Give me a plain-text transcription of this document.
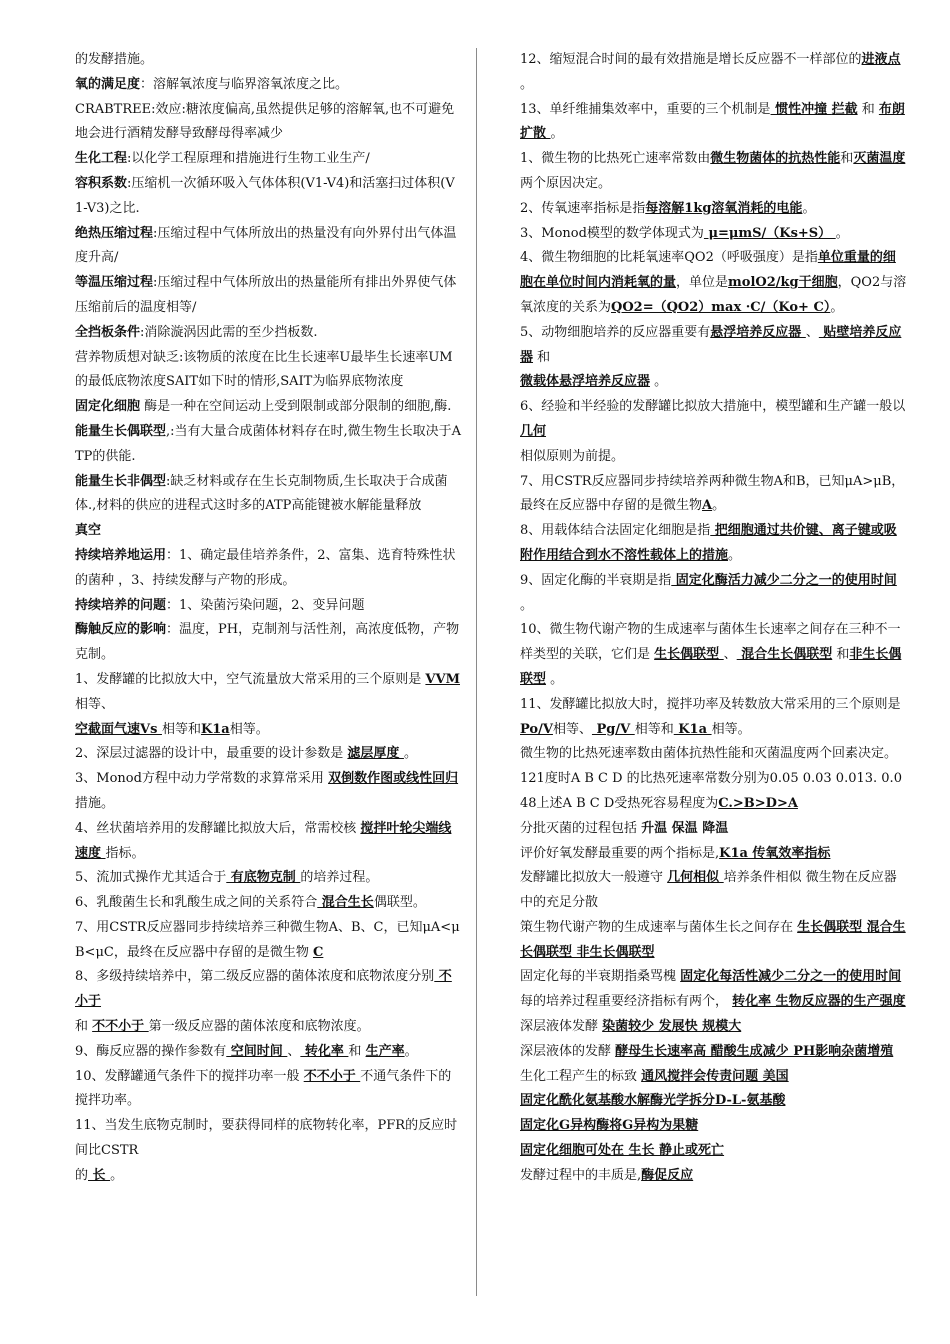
的发酵措施。

氧的满足度：溶解氧浓度与临界溶氧浓度之比。

CRABTREE:效应:糖浓度偏高,虽然提供足够的溶解氧,也不可避免地会进行酒精发酵导致酵母得率减少

生化工程:以化学工程原理和措施进行生物工业生产/

容积系数:压缩机一次循环吸入气体体积(V1-V4)和活塞扫过体积(V1-V3)之比.

绝热压缩过程:压缩过程中气体所放出的热量没有向外界付出气体温度升高/

等温压缩过程:压缩过程中气体所放出的热量能所有排出外界使气体压缩前后的温度相等/

全挡板条件:消除漩涡因此需的至少挡板数.

营养物质想对缺乏:该物质的浓度在比生长速率U最毕生长速率UM的最低底物浓度SAIT如下时的情形,SAIT为临界底物浓度

固定化细胞 酶是一种在空间运动上受到限制或部分限制的细胞,酶.

能量生长偶联型,:当有大量合成菌体材料存在时,微生物生长取决于ATP的供能.

能量生长非偶型:缺乏材料或存在生长克制物质,生长取决于合成菌体.,材料的供应的进程式这时多的ATP高能键被水解能量释放

真空

持续培养地运用：1、确定最佳培养条件，2、富集、选育特殊性状的菌种 ，3、持续发酵与产物的形成。

持续培养的问题：1、染菌污染问题，2、变异问题

酶触反应的影响：温度，PH，克制剂与活性剂，高浓度低物，产物克制。

1、发酵罐的比拟放大中，空气流量放大常采用的三个原则是 VVM 相等、

空截面气速Vs 相等和K1a相等。

2、深层过滤器的设计中，最重要的设计参数是 滤层厚度 。

3、Monod方程中动力学常数的求算常采用 双倒数作图或线性回归措施。

4、丝状菌培养用的发酵罐比拟放大后，常需校核 搅拌叶轮尖端线速度 指标。

5、流加式操作尤其适合于 有底物克制 的培养过程。

6、乳酸菌生长和乳酸生成之间的关系符合 混合生长偶联型。

7、用CSTR反应器同步持续培养三种微生物A、B、C，已知μA<μB<μC，最终在反应器中存留的是微生物 C

8、多级持续培养中，第二级反应器的菌体浓度和底物浓度分别 不小于

和 不不小于 第一级反应器的菌体浓度和底物浓度。

9、酶反应器的操作参数有 空间时间 、 转化率 和 生产率。

10、发酵罐通气条件下的搅拌功率一般 不不小于 不通气条件下的搅拌功率。

11、当发生底物克制时，要获得同样的底物转化率，PFR的反应时间比CSTR

的 长 。

12、缩短混合时间的最有效措施是增长反应器不一样部位的进液点 。

13、单纤维捕集效率中，重要的三个机制是 惯性冲撞 拦截 和 布朗扩散 。

1、微生物的比热死亡速率常数由微生物菌体的抗热性能和灭菌温度 两个原因决定。

2、传氧速率指标是指每溶解1kg溶氧消耗的电能。

3、Monod模型的数学体现式为 μ=μmS/（Ks+S） 。

4、微生物细胞的比耗氧速率QO2（呼吸强度）是指单位重量的细胞在单位时间内消耗氧的量，单位是molO2/kg干细胞，QO2与溶氧浓度的关系为QO2=（QO2）max ·C/（Ko+ C）。

5、动物细胞培养的反应器重要有悬浮培养反应器 、 贴壁培养反应器 和

微载体悬浮培养反应器 。

6、经验和半经验的发酵罐比拟放大措施中，模型罐和生产罐一般以几何

相似原则为前提。

7、用CSTR反应器同步持续培养两种微生物A和B，已知μA>μB，最终在反应器中存留的是微生物A。

8、用载体结合法固定化细胞是指 把细胞通过共价键、离子键或吸附作用结合到水不溶性载体上的措施。

9、固定化酶的半衰期是指 固定化酶活力减少二分之一的使用时间 。

10、微生物代谢产物的生成速率与菌体生长速率之间存在三种不一样类型的关联，它们是 生长偶联型 、 混合生长偶联型 和非生长偶联型 。

11、发酵罐比拟放大时，搅拌功率及转数放大常采用的三个原则是 Po/V相等、 Pg/V 相等和 K1a 相等。

微生物的比热死速率数由菌体抗热性能和灭菌温度两个回素决定。

121度时A B C D 的比热死速率常数分别为0.05 0.03 0.013. 0.048上述A B C D受热死容易程度为C.>B>D>A

分批灭菌的过程包括 升温 保温 降温

评价好氧发酵最重要的两个指标是,K1a 传氧效率指标

发酵罐比拟放大一般遵守 几何相似 培养条件相似 微生物在反应器中的充足分散

策生物代谢产物的生成速率与菌体生长之间存在 生长偶联型 混合生长偶联型 非生长偶联型

固定化每的半衰期指桑骂槐 固定化每活性减少二分之一的使用时间

每的培养过程重要经济指标有两个， 转化率 生物反应器的生产强度

深层液体发酵 染菌较少 发展快 规模大

深层液体的发酵 酵母生长速率高 醋酸生成减少 PH影响杂菌增殖

生化工程产生的标致 通风搅拌会传责问题 美国

固定化酰化氨基酸水解酶光学拆分D-L-氨基酸

固定化G异构酶将G异构为果糖

固定化细胞可处在 生长 静止或死亡

发酵过程中的丰质是,酶促反应
